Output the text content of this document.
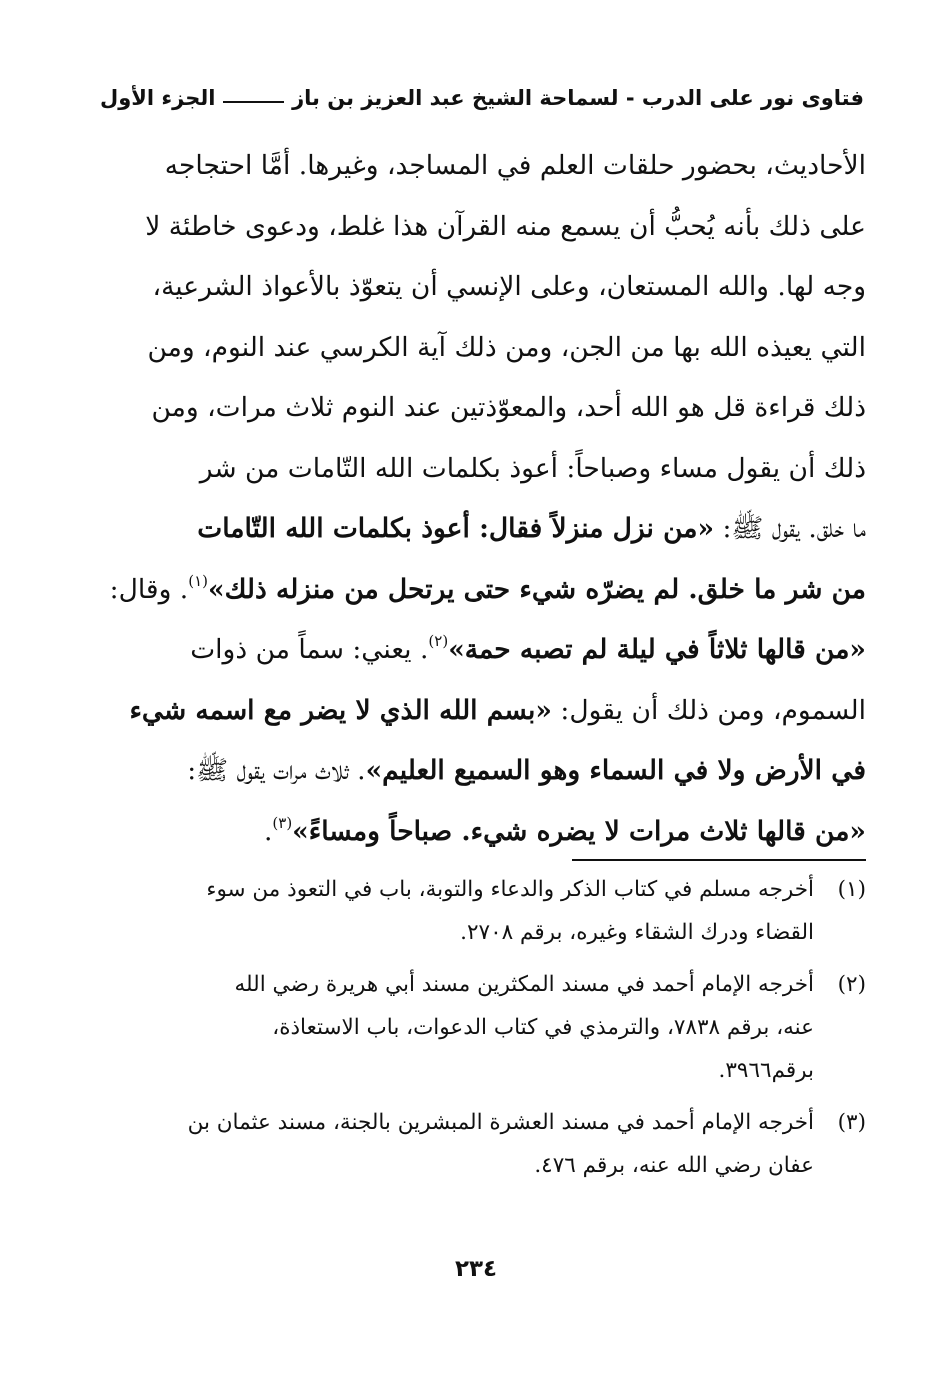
فتاوى نور على الدرب - لسماحة الشيخ عبد العزيز بن باز
الجزء الأول
الأحاديث، بحضور حلقات العلم في المساجد، وغيرها. أمَّا احتجاجه
على ذلك بأنه يُحبُّ أن يسمع منه القرآن هذا غلط، ودعوى خاطئة لا
وجه لها. والله المستعان، وعلى الإنسي أن يتعوّذ بالأعواذ الشرعية،
التي يعيذه الله بها من الجن، ومن ذلك آية الكرسي عند النوم، ومن
ذلك قراءة قل هو الله أحد، والمعوّذتين عند النوم ثلاث مرات، ومن
ذلك أن يقول مساء وصباحاً: أعوذ بكلمات الله التّامات من شر
ما خلق. يقول ﷺ: «من نزل منزلاً فقال: أعوذ بكلمات الله التّامات
من شر ما خلق. لم يضرّه شيء حتى يرتحل من منزله ذلك»$^{(١)}$. وقال:
«من قالها ثلاثاً في ليلة لم تصبه حمة»$^{(٢)}$. يعني: سماً من ذوات
السموم، ومن ذلك أن يقول: «بسم الله الذي لا يضر مع اسمه شيء
في الأرض ولا في السماء وهو السميع العليم». ثلاث مرات يقول ﷺ:
«من قالها ثلاث مرات لا يضره شيء. صباحاً ومساءً»$^{(٣)}$.
(١)
أخرجه مسلم في كتاب الذكر والدعاء والتوبة، باب في التعوذ من سوء
القضاء ودرك الشقاء وغيره، برقم ٢٧٠٨.
(٢)
أخرجه الإمام أحمد في مسند المكثرين مسند أبي هريرة رضي الله
عنه، برقم ٧٨٣٨، والترمذي في كتاب الدعوات، باب الاستعاذة،
برقم٣٩٦٦.
(٣)
أخرجه الإمام أحمد في مسند العشرة المبشرين بالجنة، مسند عثمان بن
عفان رضي الله عنه، برقم ٤٧٦.
٢٣٤
